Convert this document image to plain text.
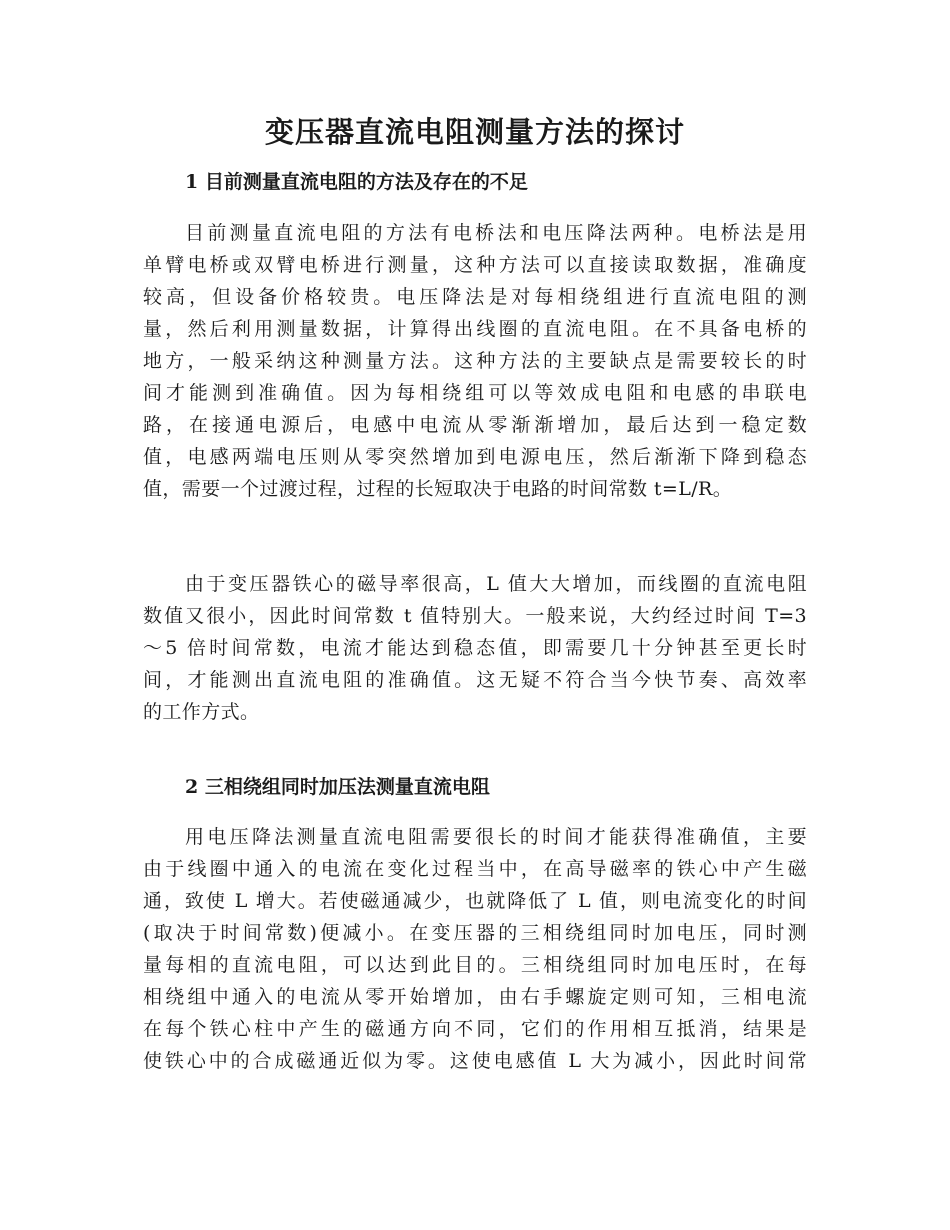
变压器直流电阻测量方法的探讨
1 目前测量直流电阻的方法及存在的不足

目前测量直流电阻的方法有电桥法和电压降法两种。电桥法是用
单臂电桥或双臂电桥进行测量，这种方法可以直接读取数据，准确度
较高，但设备价格较贵。电压降法是对每相绕组进行直流电阻的测
量，然后利用测量数据，计算得出线圈的直流电阻。在不具备电桥的
地方，一般采纳这种测量方法。这种方法的主要缺点是需要较长的时
间才能测到准确值。因为每相绕组可以等效成电阻和电感的串联电
路，在接通电源后，电感中电流从零渐渐增加，最后达到一稳定数
值，电感两端电压则从零突然增加到电源电压，然后渐渐下降到稳态
值，需要一个过渡过程，过程的长短取决于电路的时间常数 t=L/R。

由于变压器铁心的磁导率很高，L 值大大增加，而线圈的直流电阻
数值又很小，因此时间常数 t 值特别大。一般来说，大约经过时间 T=3
～5 倍时间常数，电流才能达到稳态值，即需要几十分钟甚至更长时
间，才能测出直流电阻的准确值。这无疑不符合当今快节奏、高效率
的工作方式。

2 三相绕组同时加压法测量直流电阻

用电压降法测量直流电阻需要很长的时间才能获得准确值，主要
由于线圈中通入的电流在变化过程当中，在高导磁率的铁心中产生磁
通，致使 L 增大。若使磁通减少，也就降低了 L 值，则电流变化的时间
(取决于时间常数)便减小。在变压器的三相绕组同时加电压，同时测
量每相的直流电阻，可以达到此目的。三相绕组同时加电压时，在每
相绕组中通入的电流从零开始增加，由右手螺旋定则可知，三相电流
在每个铁心柱中产生的磁通方向不同，它们的作用相互抵消，结果是
使铁心中的合成磁通近似为零。这使电感值 L 大为减小，因此时间常
